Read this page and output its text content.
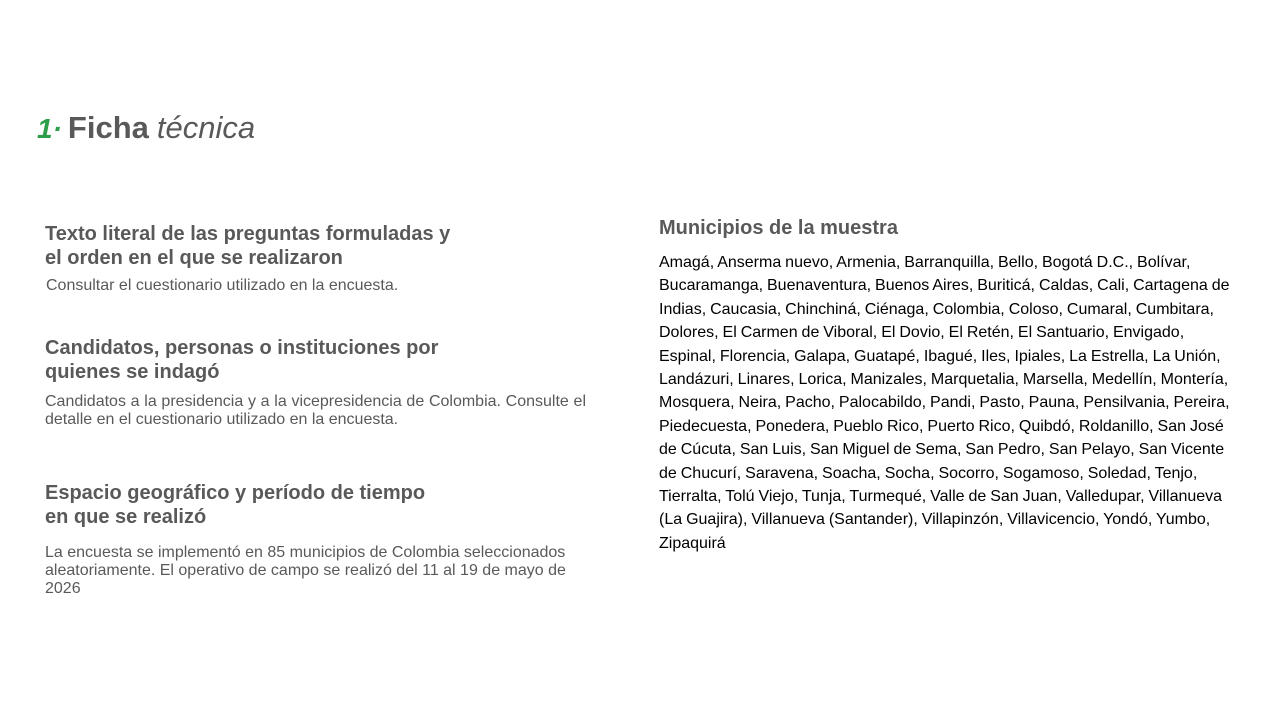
1· Ficha técnica
Texto literal de las preguntas formuladas y
el orden en el que se realizaron

Consultar el cuestionario utilizado en la encuesta.

Candidatos, personas o instituciones por
quienes se indagó

Candidatos a la presidencia y a la vicepresidencia de Colombia. Consulte el detalle en el cuestionario utilizado en la encuesta.

Espacio geográfico y período de tiempo
en que se realizó

La encuesta se implementó en 85 municipios de Colombia seleccionados aleatoriamente. El operativo de campo se realizó del 11 al 19 de mayo de 2026

Municipios de la muestra

Amagá, Anserma nuevo, Armenia, Barranquilla, Bello, Bogotá D.C., Bolívar, Bucaramanga, Buenaventura, Buenos Aires, Buriticá, Caldas, Cali, Cartagena de Indias, Caucasia, Chinchiná, Ciénaga, Colombia, Coloso, Cumaral, Cumbitara, Dolores, El Carmen de Viboral, El Dovio, El Retén, El Santuario, Envigado, Espinal, Florencia, Galapa, Guatapé, Ibagué, Iles, Ipiales, La Estrella, La Unión, Landázuri, Linares, Lorica, Manizales, Marquetalia, Marsella, Medellín, Montería, Mosquera, Neira, Pacho, Palocabildo, Pandi, Pasto, Pauna, Pensilvania, Pereira, Piedecuesta, Ponedera, Pueblo Rico, Puerto Rico, Quibdó, Roldanillo, San José de Cúcuta, San Luis, San Miguel de Sema, San Pedro, San Pelayo, San Vicente de Chucurí, Saravena, Soacha, Socha, Socorro, Sogamoso, Soledad, Tenjo, Tierralta, Tolú Viejo, Tunja, Turmequé, Valle de San Juan, Valledupar, Villanueva (La Guajira), Villanueva (Santander), Villapinzón, Villavicencio, Yondó, Yumbo, Zipaquirá
